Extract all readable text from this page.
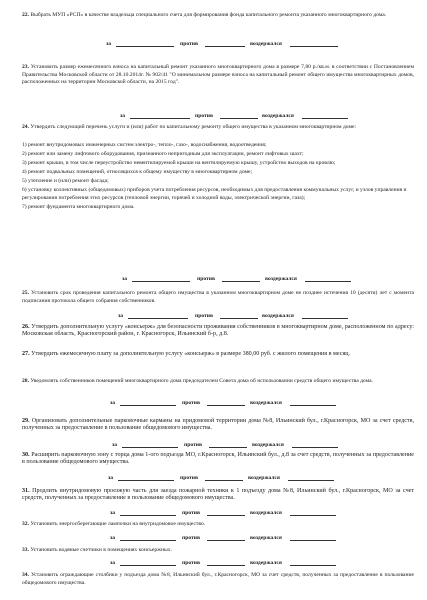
22. Выбрать МУП «РСП» в качестве владельца специального счета для формирования фонда капитального ремонта указанного многоквартирного дома.

за	против	воздержался

23. Установить размер ежемесячного взноса на капитальный ремонт указанного многоквартирного дома в размере 7,80 р./кв.м. в соответствии с Постановлением Правительства Московской области от 28.10.2014г. № 902/41 "О минимальном размере взноса на капитальный ремонт общего имущества многоквартирных домов, расположенных на территории Московской области, на 2015 год".

за	против	воздержался

24. Утвердить следующий перечень услуги и (или) работ по капитальному ремонту общего имущества в указанном многоквартирном доме:

1) ремонт внутридомовых инженерных систем электро-, тепло-, газо-, водоснабжения, водоотведения;
2) ремонт или замену лифтового оборудования, признанного непригодным для эксплуатации, ремонт лифтовых шахт;
3) ремонт крыши, в том числе переустройство невентилируемой крыши на вентилируемую крышу, устройство выходов на кровлю;
4) ремонт подвальных помещений, относящихся к общему имуществу в многоквартирном доме;
5) утепление и (или) ремонт фасада;
6) установку коллективных (общедомовых) приборов учета потребления ресурсов, необходимых для предоставления коммунальных услуг, и узлов управления и регулирования потребления этих ресурсов (тепловой энергии, горячей и холодной воды, электрической энергии, газа);
7) ремонт фундамента многоквартирного дома.
за	против	воздержался

25. Установить срок проведения капитального ремонта общего имущества в указанном многоквартирном доме не позднее истечения 10 (десяти) лет с момента подписания протокола общего собрания собственников.

за	против	воздержался

26. Утвердить дополнительную услугу «консьерж» для безопасности проживания собственников в многоквартирном доме, расположенном по адресу: Московская область, Красногорский район, г. Красногорск, Ильинский б-р, д.8.

27. Утвердить ежемесячную плату за дополнительную услугу «консьерж» в размере 380,00 руб. с жилого помещения в месяц.

28. Уведомлять собственников помещений многоквартирного дома председателем Совета дома об использовании средств общего имущества дома.

за	против	воздержался

29. Организовать дополнительные парковочные карманы на придомовой территории дома №8, Ильинский бул., г.Красногорск, МО за счет средств, полученных за предоставление в пользование общедомового имущества.

за	против	воздержался

30. Расширить парковочную зону с торца дома 1-ого подъезда МО, г.Красногорск, Ильинский бул., д.8 за счет средств, полученных за предоставление в пользование общедомового имущества.

за	против	воздержался

31. Продлить внутридомовую проезжую часть для заезда пожарной техники к 1 подъезду дома №8, Ильинский бул., г.Красногорск, МО за счет средств, полученных за предоставление в пользование общедомового имущества.

за	против	воздержался

32. Установить энергосберегающие лампочки на внутридомовое имущество.

за	против	воздержался

33. Установить водяные счетчики в помещениях консьержных.

за	против	воздержался

34. Установить ограждающие столбики у подъезда дома №8, Ильинский бул., г.Красногорск, МО за счет средств, полученных за предоставление в пользование общедомового имущества.
